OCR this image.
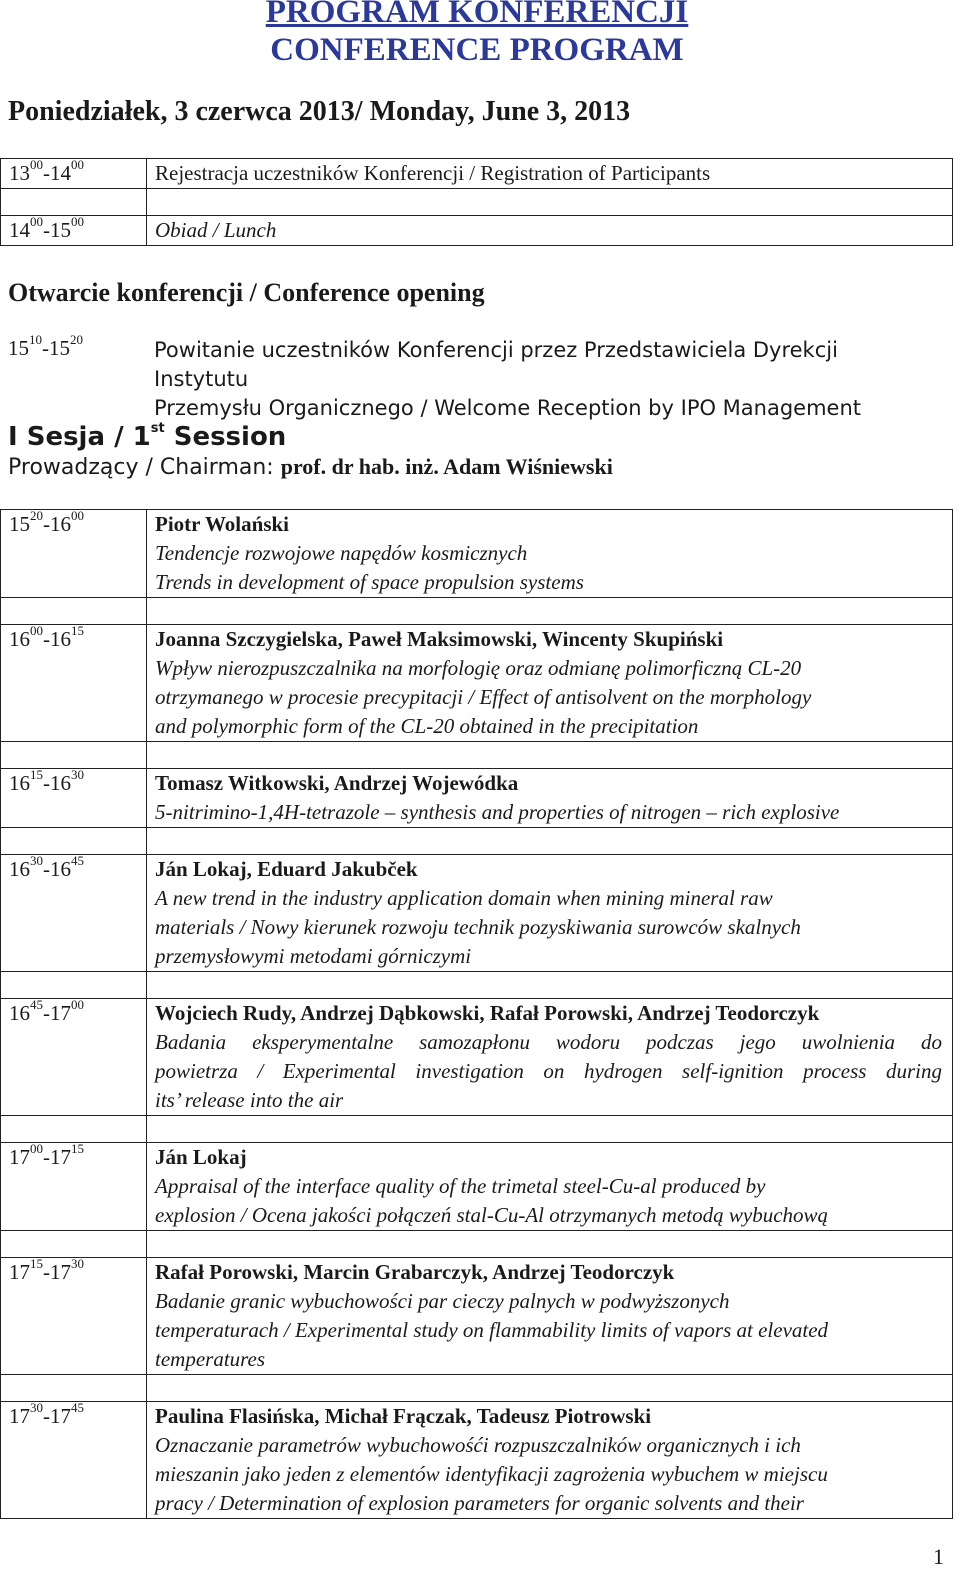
PROGRAM KONFERENCJI
CONFERENCE PROGRAM
Poniedziałek, 3 czerwca 2013/ Monday, June 3, 2013
$13^{00}-14^{00}$	Rejestracja uczestników Konferencji / Registration of Participants

$14^{00}-15^{00}$	Obiad / Lunch
Otwarcie konferencji / Conference opening
$15^{10}-15^{20}$	Powitanie uczestników Konferencji przez Przedstawiciela Dyrekcji Instytutu
Przemysłu Organicznego / Welcome Reception by IPO Management
I Sesja / 1st Session
Prowadzący / Chairman: prof. dr hab. inż. Adam Wiśniewski
$15^{20}-16^{00}$	Piotr Wolański
Tendencje rozwojowe napędów kosmicznych
Trends in development of space propulsion systems

$16^{00}-16^{15}$	Joanna Szczygielska, Paweł Maksimowski, Wincenty Skupiński
Wpływ nierozpuszczalnika na morfologię oraz odmianę polimorficzną CL-20
otrzymanego w procesie precypitacji / Effect of antisolvent on the morphology
and polymorphic form of the CL-20 obtained in the precipitation

$16^{15}-16^{30}$	Tomasz Witkowski, Andrzej Wojewódka
5-nitrimino-1,4H-tetrazole – synthesis and properties of nitrogen – rich explosive

$16^{30}-16^{45}$	Ján Lokaj, Eduard Jakubček
A new trend in the industry application domain when mining mineral raw
materials / Nowy kierunek rozwoju technik pozyskiwania surowców skalnych
przemysłowymi metodami górniczymi

$16^{45}-17^{00}$	Wojciech Rudy, Andrzej Dąbkowski, Rafał Porowski, Andrzej Teodorczyk
Badania eksperymentalne samozapłonu wodoru podczas jego uwolnienia do
powietrza / Experimental investigation on hydrogen self-ignition process during
its’ release into the air

$17^{00}-17^{15}$	Ján Lokaj
Appraisal of the interface quality of the trimetal steel-Cu-al produced by
explosion / Ocena jakości połączeń stal-Cu-Al otrzymanych metodą wybuchową

$17^{15}-17^{30}$	Rafał Porowski, Marcin Grabarczyk, Andrzej Teodorczyk
Badanie granic wybuchowości par cieczy palnych w podwyższonych
temperaturach / Experimental study on flammability limits of vapors at elevated
temperatures

$17^{30}-17^{45}$	Paulina Flasińska, Michał Frączak, Tadeusz Piotrowski
Oznaczanie parametrów wybuchowośći rozpuszczalników organicznych i ich
mieszanin jako jeden z elementów identyfikacji zagrożenia wybuchem w miejscu
pracy / Determination of explosion parameters for organic solvents and their
1
